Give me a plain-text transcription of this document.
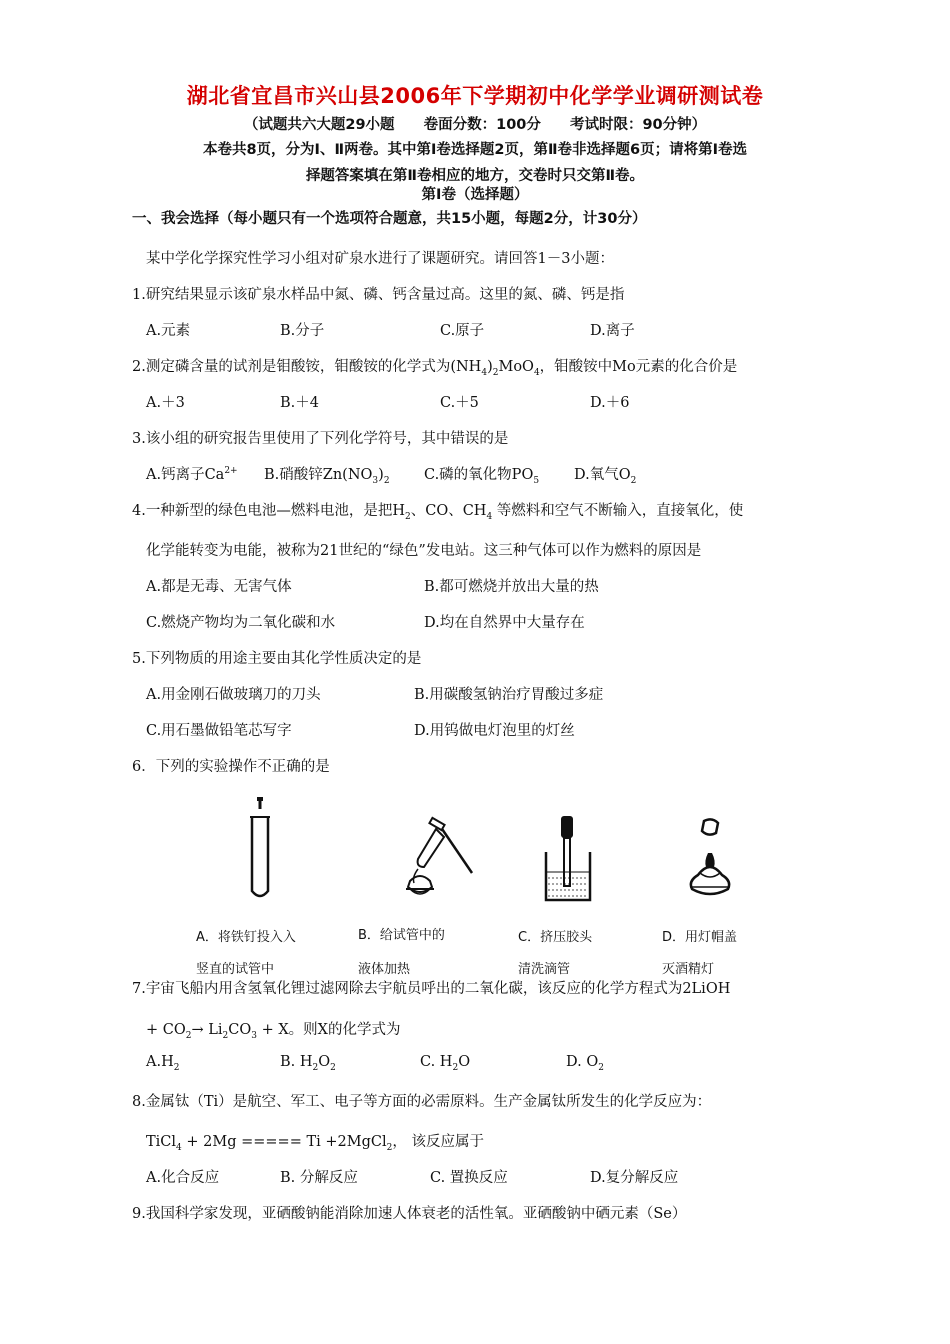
湖北省宜昌市兴山县2006年下学期初中化学学业调研测试卷
（试题共六大题29小题 卷面分数：100分 考试时限：90分钟）
本卷共8页，分为Ⅰ、Ⅱ两卷。其中第Ⅰ卷选择题2页，第Ⅱ卷非选择题6页；请将第Ⅰ卷选
择题答案填在第Ⅱ卷相应的地方，交卷时只交第Ⅱ卷。
第Ⅰ卷（选择题）
一、我会选择（每小题只有一个选项符合题意，共15小题，每题2分，计30分）
某中学化学探究性学习小组对矿泉水进行了课题研究。请回答1－3小题：
1.研究结果显示该矿泉水样品中氮、磷、钙含量过高。这里的氮、磷、钙是指
A.元素	B.分子	C.原子	D.离子
2.测定磷含量的试剂是钼酸铵，钼酸铵的化学式为$(NH_4)_2MoO_4$，钼酸铵中Mo元素的化合价是
A.＋3	B.＋4	C.＋5	D.＋6
3.该小组的研究报告里使用了下列化学符号，其中错误的是
A.钙离子$Ca^{2+}$ B.硝酸锌$Zn(NO_3)_2$ C.磷的氧化物$PO_5$ D.氧气$O_2$
4.一种新型的绿色电池—燃料电池，是把$H_2$、CO、$CH_4$ 等燃料和空气不断输入，直接氧化，使
化学能转变为电能，被称为21世纪的“绿色”发电站。这三种气体可以作为燃料的原因是
A.都是无毒、无害气体	B.都可燃烧并放出大量的热
C.燃烧产物均为二氧化碳和水	D.均在自然界中大量存在
5.下列物质的用途主要由其化学性质决定的是
A.用金刚石做玻璃刀的刀头	B.用碳酸氢钠治疗胃酸过多症
C.用石墨做铅笔芯写字	D.用钨做电灯泡里的灯丝
6．下列的实验操作不正确的是
A．将铁钉投入入
竖直的试管中
B．给试管中的
液体加热
C．挤压胶头
清洗滴管
D．用灯帽盖
灭酒精灯
7.宇宙飞船内用含氢氧化锂过滤网除去宇航员呼出的二氧化碳，该反应的化学方程式为2LiOH
+ $CO_2\to Li_2CO_3 + X$。则X的化学式为
$A.H_2$	B. $H_2O_2$	C. $H_2O$	D. $O_2$
8.金属钛（Ti）是航空、军工、电子等方面的必需原料。生产金属钛所发生的化学反应为：
TiCl$_4$ + 2Mg ===== Ti +2MgCl$_2$， 该反应属于
A.化合反应	B. 分解反应	C. 置换反应	D.复分解反应
9.我国科学家发现，亚硒酸钠能消除加速人体衰老的活性氧。亚硒酸钠中硒元素（Se）
